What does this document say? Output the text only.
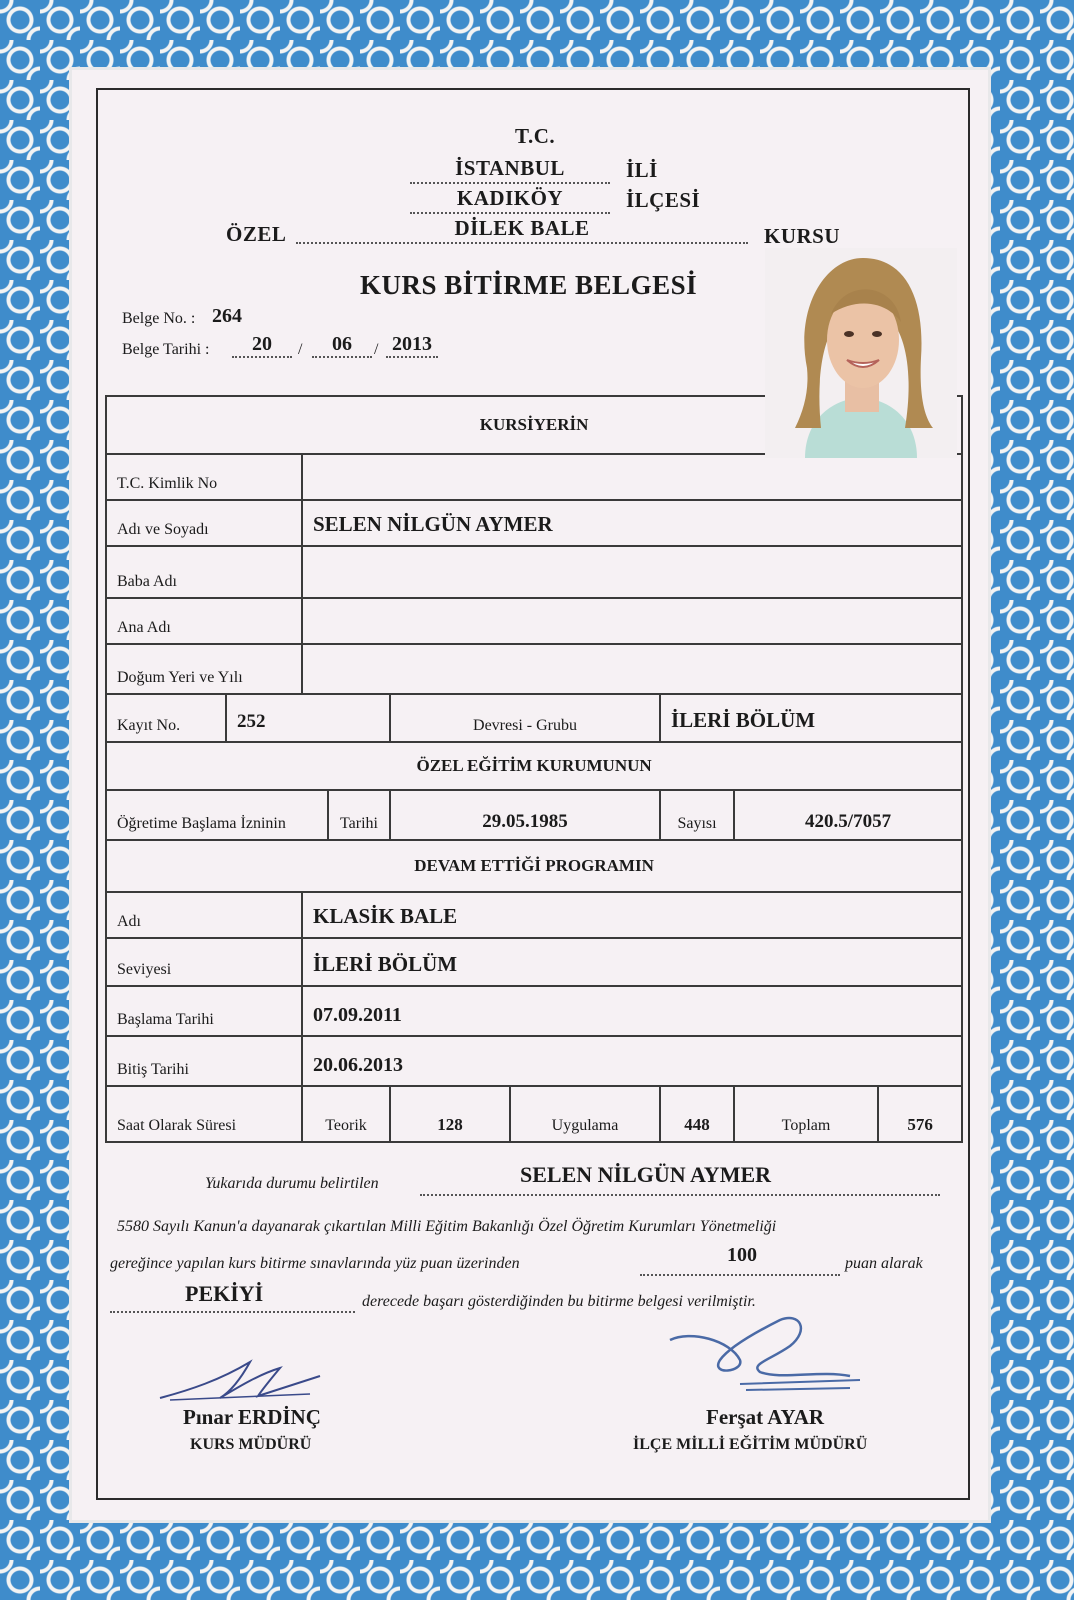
T.C.
İSTANBUL	İLİ
KADIKÖY	İLÇESİ
ÖZEL	DİLEK BALE	KURSU
KURS BİTİRME BELGESİ
Belge No. : 264
Belge Tarihi :	20	/	06	/ 2013
KURSİYERİN								
T.C. Kimlik No								
Adı ve Soyadı		SELEN NİLGÜN AYMER						
Baba Adı								
Ana Adı								
Doğum Yeri ve Yılı								
Kayıt No.	252			Devresi - Grubu		İLERİ BÖLÜM		
ÖZEL EĞİTİM KURUMUNUN								
Öğretime Başlama İzninin			Tarihi	29.05.1985		Sayısı	420.5/7057	
DEVAM ETTİĞİ PROGRAMIN								
Adı		KLASİK BALE						
Seviyesi		İLERİ BÖLÜM						
Başlama Tarihi		07.09.2011						
Bitiş Tarihi		20.06.2013						
Saat Olarak Süresi		Teorik		128	Uygulama	448	Toplam	576
Yukarıda durumu belirtilen	SELEN NİLGÜN AYMER
5580 Sayılı Kanun'a dayanarak çıkartılan Milli Eğitim Bakanlığı Özel Öğretim Kurumları Yönetmeliği
gereğince yapılan kurs bitirme sınavlarında yüz puan üzerinden	100	puan alarak
PEKİYİ	derecede başarı gösterdiğinden bu bitirme belgesi verilmiştir.
Pınar ERDİNÇ
KURS MÜDÜRÜ
Ferşat AYAR
İLÇE MİLLİ EĞİTİM MÜDÜRÜ
